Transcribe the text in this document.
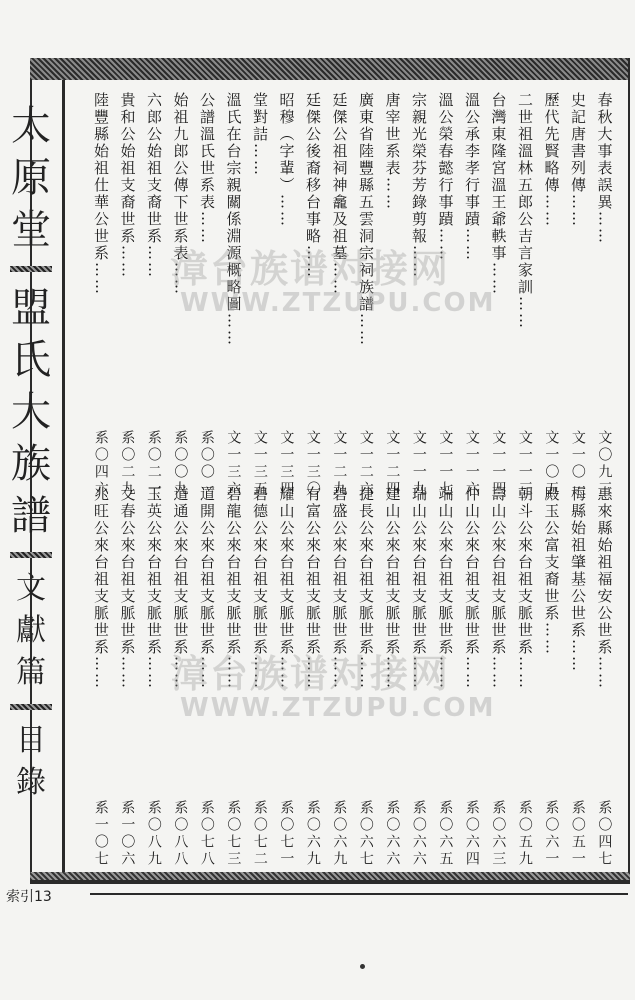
太
原
堂
盟
氏
大
族
譜
文
獻
篇
目
錄
春秋大事表誤異……
文〇九三
史記唐書列傳……
文一〇一
歷代先賢略傳……
文一〇五
二世祖溫林五郎公吉言家訓……
文一一三
台灣東隆宮溫王爺軼事……
文一一四
溫公承李孝行事蹟……
文一一六
溫公榮春懿行事蹟……
文一一七
宗親光榮芬芳錄剪報……
文一一九
唐宰世系表……
文一二四
廣東省陸豐縣五雲洞宗祠族譜……
文一二六
廷傑公祖祠神龕及祖墓……
文一二九
廷傑公後裔移台事略……
文一三〇
昭穆（字輩）……
文一三四
堂對詰……
文一三五
溫氏在台宗親關係淵源概略圖……
文一三六
公譜溫氏世系表……
系〇〇一
始祖九郎公傳下世系表……
系〇〇九
六郎公始祖支裔世系……
系〇二一
貴和公始祖支裔世系……
系〇二九
陸豐縣始祖仕華公世系……
系〇四六
惠來縣始祖福安公世系……
系〇四七
梅縣始祖肇基公世系……
系〇五一
殿玉公富支裔世系……
系〇六一
朝斗公來台祖支脈世系……
系〇五九
壽山公來台祖支脈世系……
系〇六三
仲山公來台祖支脈世系……
系〇六四
端山公來台祖支脈世系……
系〇六五
瑞山公來台祖支脈世系……
系〇六六
建山公來台祖支脈世系……
系〇六六
捷長公來台祖支脈世系……
系〇六七
碧盛公來台祖支脈世系……
系〇六九
有富公來台祖支脈世系……
系〇六九
耀山公來台祖支脈世系……
系〇七一
碧德公來台祖支脈世系……
系〇七二
碧龍公來台祖支脈世系……
系〇七三
道開公來台祖支脈世系……
系〇七八
道通公來台祖支脈世系……
系〇八八
玉英公來台祖支脈世系……
系〇八九
文春公來台祖支脈世系……
系一〇六
兆旺公來台祖支脈世系……
系一〇七
漳台族谱对接网
WWW.ZTZUPU.COM
漳台族谱对接网
WWW.ZTZUPU.COM
索引13
